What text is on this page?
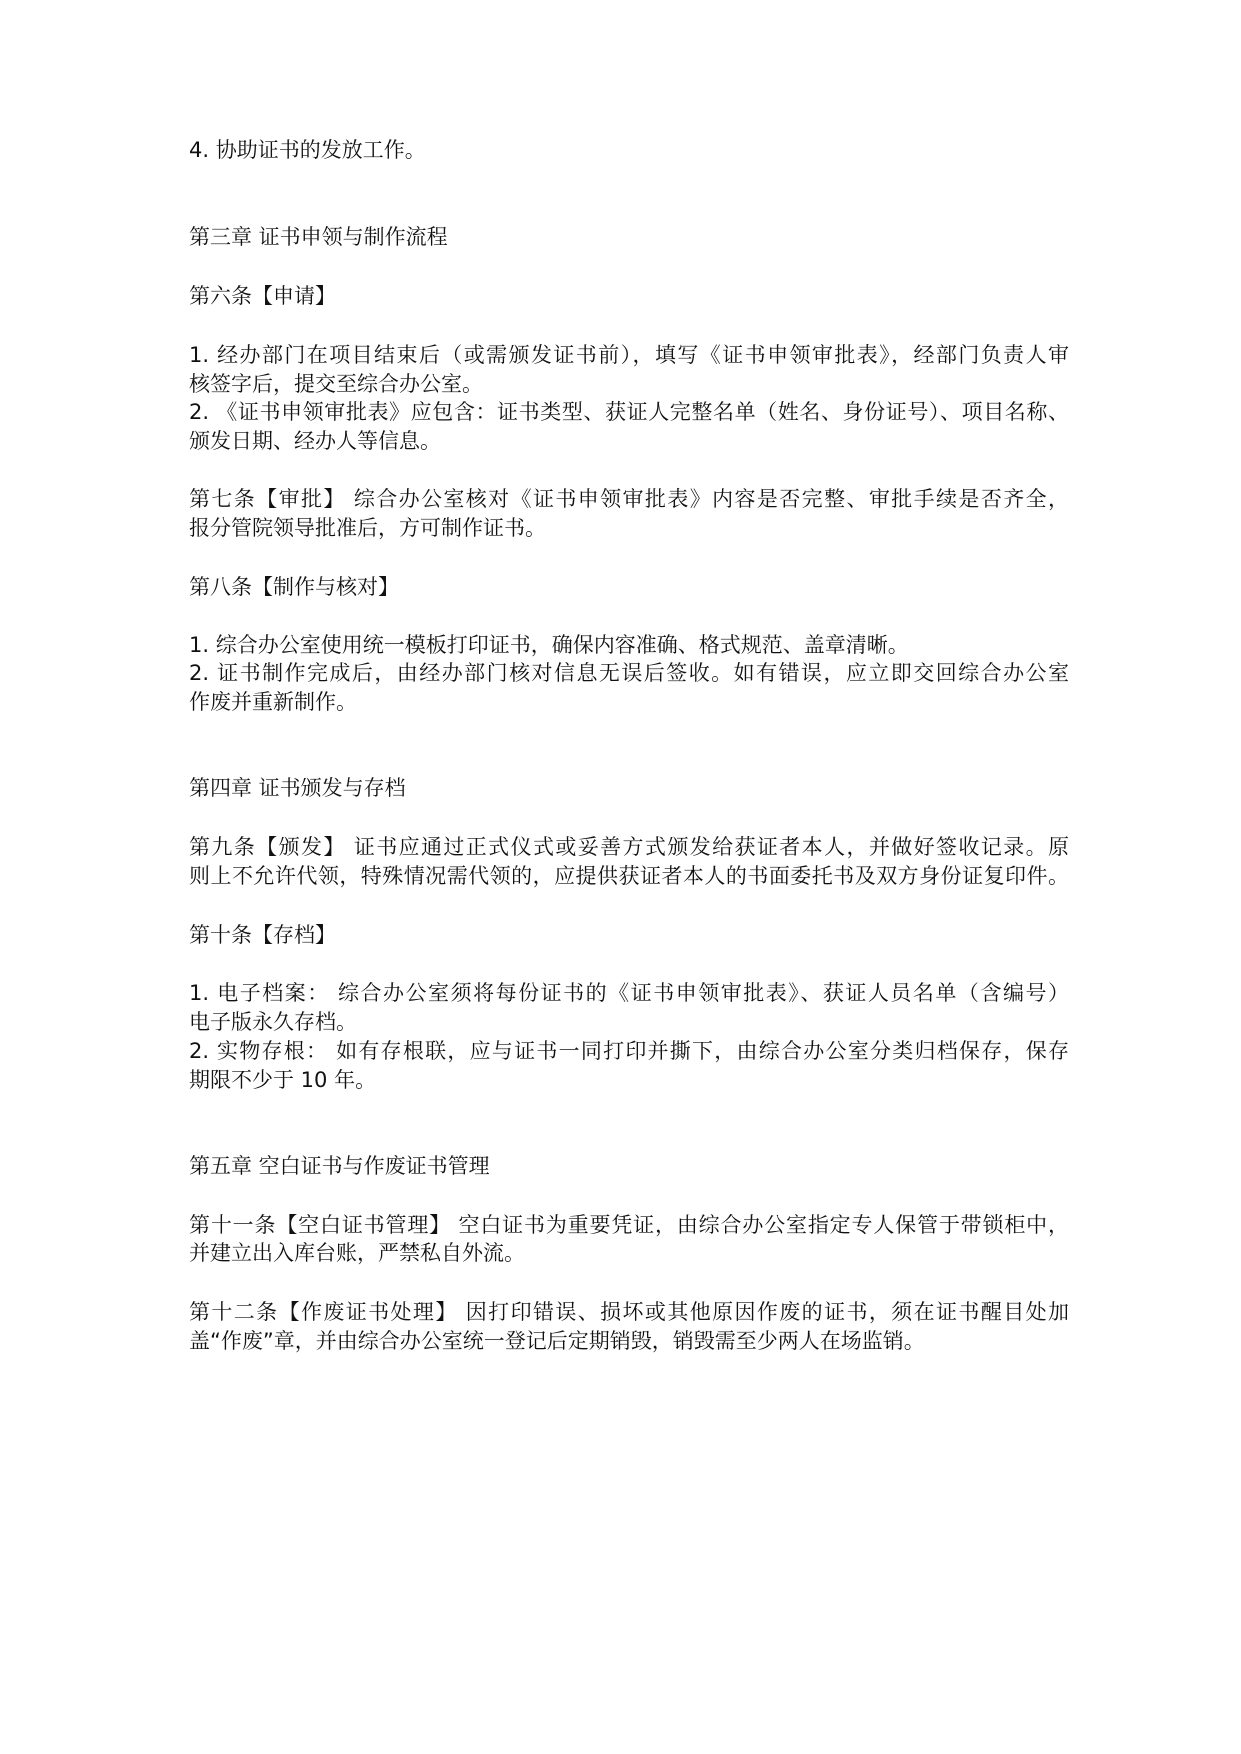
4. 协助证书的发放工作。
第三章 证书申领与制作流程
第六条【申请】
1. 经办部门在项目结束后（或需颁发证书前），填写《证书申领审批表》，经部门负责人审
核签字后，提交至综合办公室。
2. 《证书申领审批表》应包含：证书类型、获证人完整名单（姓名、身份证号）、项目名称、
颁发日期、经办人等信息。
第七条【审批】 综合办公室核对《证书申领审批表》内容是否完整、审批手续是否齐全，
报分管院领导批准后，方可制作证书。
第八条【制作与核对】
1. 综合办公室使用统一模板打印证书，确保内容准确、格式规范、盖章清晰。
2. 证书制作完成后，由经办部门核对信息无误后签收。如有错误，应立即交回综合办公室
作废并重新制作。
第四章 证书颁发与存档
第九条【颁发】 证书应通过正式仪式或妥善方式颁发给获证者本人，并做好签收记录。原
则上不允许代领，特殊情况需代领的，应提供获证者本人的书面委托书及双方身份证复印件。
第十条【存档】
1. 电子档案： 综合办公室须将每份证书的《证书申领审批表》、获证人员名单（含编号）
电子版永久存档。
2. 实物存根： 如有存根联，应与证书一同打印并撕下，由综合办公室分类归档保存，保存
期限不少于 10 年。
第五章 空白证书与作废证书管理
第十一条【空白证书管理】 空白证书为重要凭证，由综合办公室指定专人保管于带锁柜中，
并建立出入库台账，严禁私自外流。
第十二条【作废证书处理】 因打印错误、损坏或其他原因作废的证书，须在证书醒目处加
盖“作废”章，并由综合办公室统一登记后定期销毁，销毁需至少两人在场监销。
